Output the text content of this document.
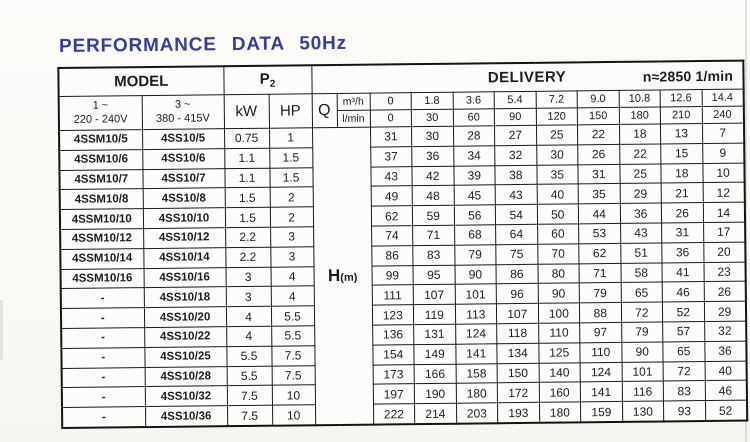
PERFORMANCE DATA 50Hz
MODEL		$P_2$		DELIVERY n≈2850 1/min										

1 ~
220 - 240V	3 ~
380 - 415V	kW	HP	Q	m³/h	0	1.8	3.6	5.4	7.2	9.0	10.8	12.6	14.4
					l/min	0	30	60	90	120	150	180	210	240
4SSM10/5	4SS10/5	0.75	1	H(m)		31	30	28	27	25	22	18	13	7
4SSM10/6	4SS10/6	1.1	1.5			37	36	34	32	30	26	22	15	9
4SSM10/7	4SS10/7	1.1	1.5			43	42	39	38	35	31	25	18	10
4SSM10/8	4SS10/8	1.5	2			49	48	45	43	40	35	29	21	12
4SSM10/10	4SS10/10	1.5	2			62	59	56	54	50	44	36	26	14
4SSM10/12	4SS10/12	2.2	3			74	71	68	64	60	53	43	31	17
4SSM10/14	4SS10/14	2.2	3			86	83	79	75	70	62	51	36	20
4SSM10/16	4SS10/16	3	4			99	95	90	86	80	71	58	41	23
-	4SS10/18	3	4			111	107	101	96	90	79	65	46	26
-	4SS10/20	4	5.5			123	119	113	107	100	88	72	52	29
-	4SS10/22	4	5.5			136	131	124	118	110	97	79	57	32
-	4SS10/25	5.5	7.5			154	149	141	134	125	110	90	65	36
-	4SS10/28	5.5	7.5			173	166	158	150	140	124	101	72	40
-	4SS10/32	7.5	10			197	190	180	172	160	141	116	83	46
-	4SS10/36	7.5	10			222	214	203	193	180	159	130	93	52
